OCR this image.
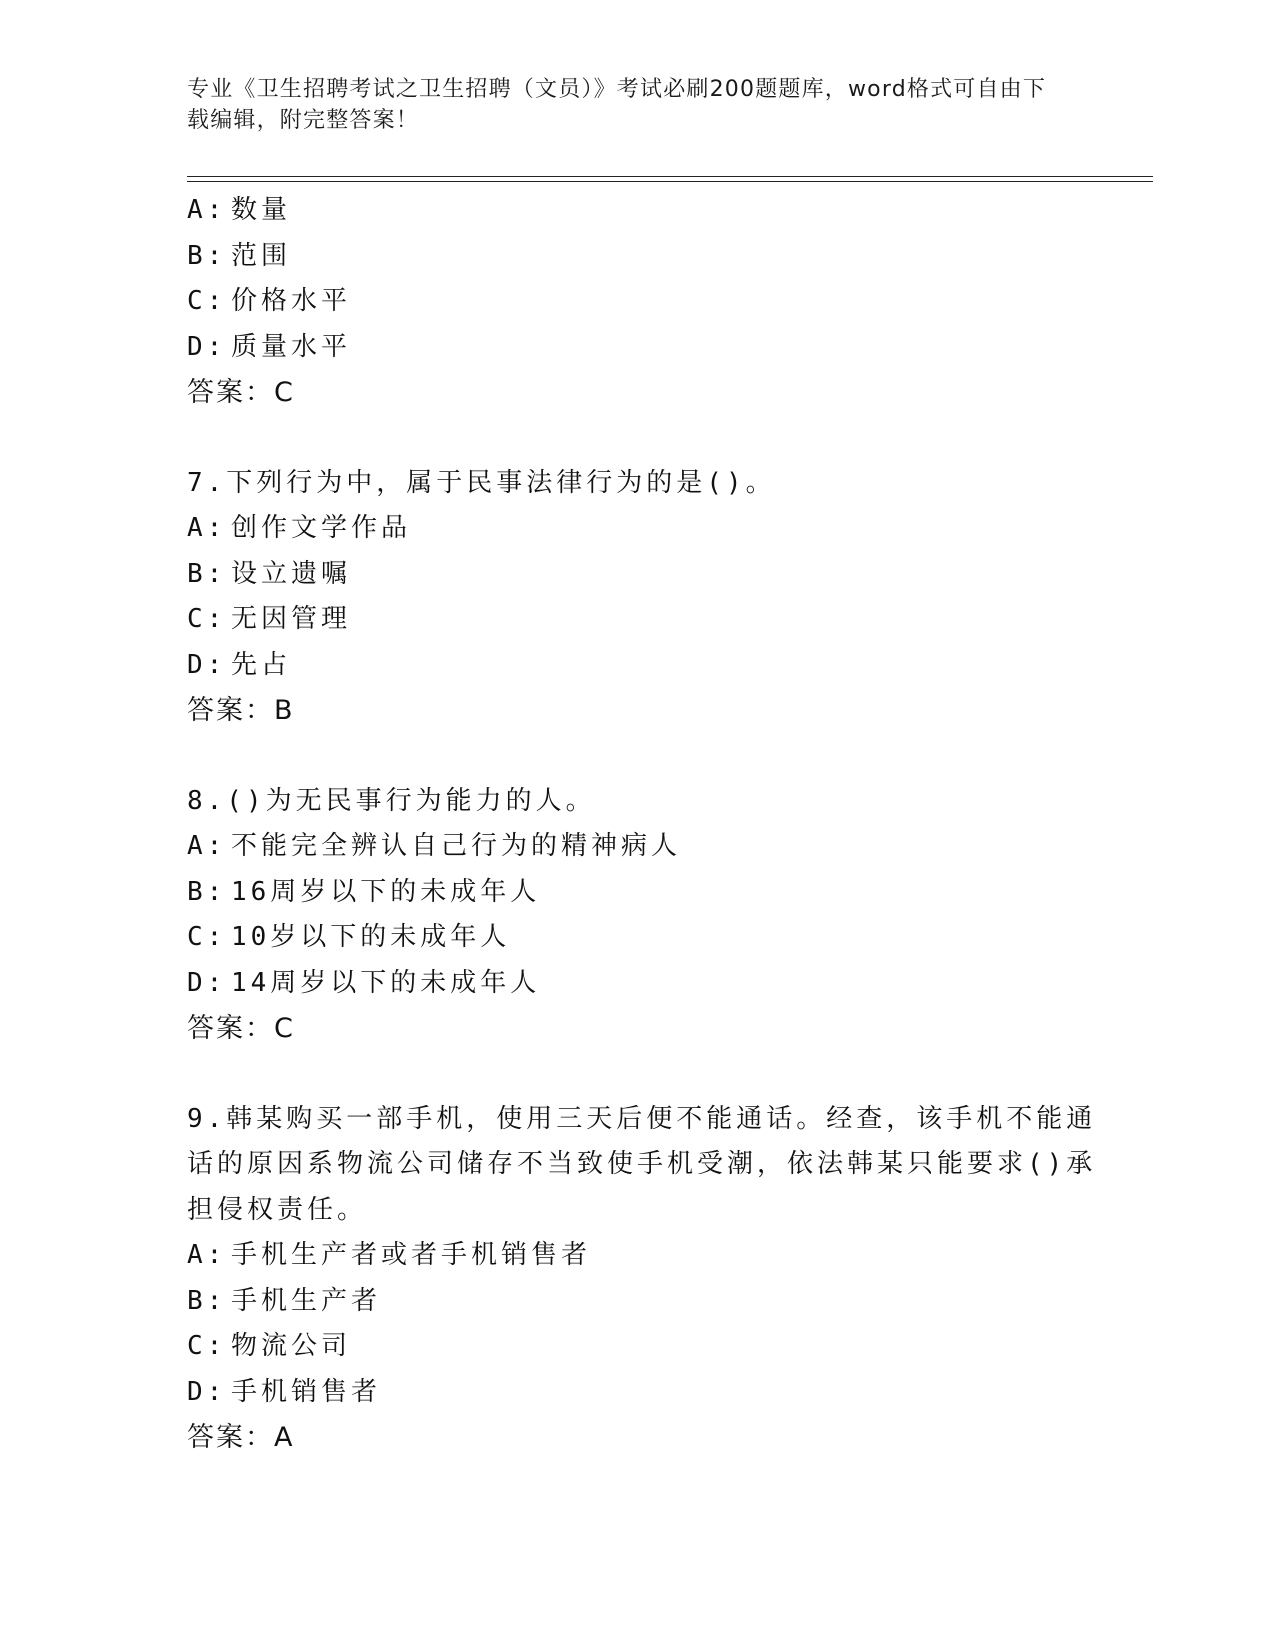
专业《卫生招聘考试之卫生招聘（文员）》考试必刷200题题库，word格式可自由下载编辑，附完整答案！
A: 数量
B: 范围
C: 价格水平
D: 质量水平
答案：C
7.下列行为中，属于民事法律行为的是()。
A: 创作文学作品
B: 设立遗嘱
C: 无因管理
D: 先占
答案：B
8.()为无民事行为能力的人。
A: 不能完全辨认自己行为的精神病人
B: 16周岁以下的未成年人
C: 10岁以下的未成年人
D: 14周岁以下的未成年人
答案：C
9.韩某购买一部手机，使用三天后便不能通话。经查，该手机不能通
话的原因系物流公司储存不当致使手机受潮，依法韩某只能要求()承
担侵权责任。
A: 手机生产者或者手机销售者
B: 手机生产者
C: 物流公司
D: 手机销售者
答案：A
